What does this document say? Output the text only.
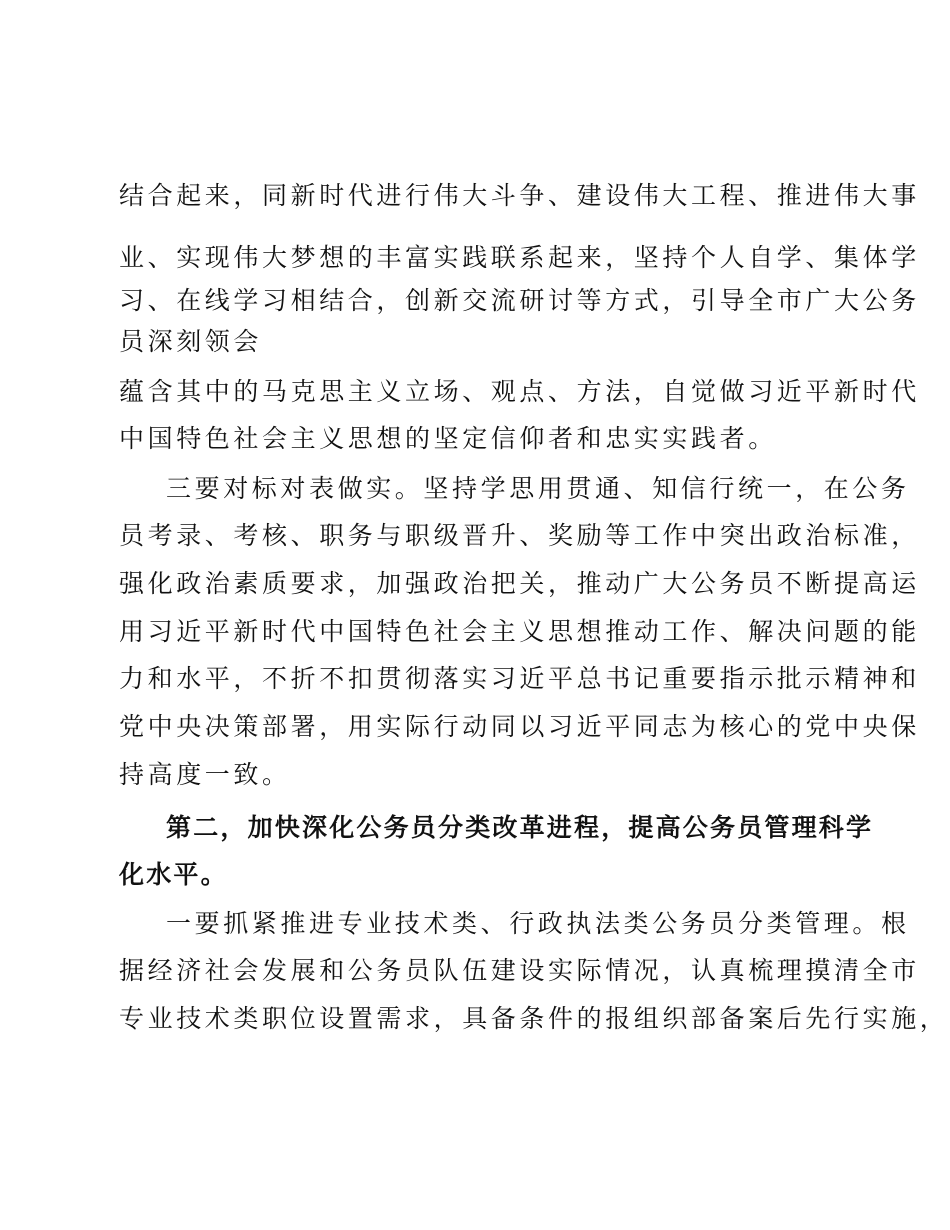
结合起来，同新时代进行伟大斗争、建设伟大工程、推进伟大事
业、实现伟大梦想的丰富实践联系起来，坚持个人自学、集体学
习、在线学习相结合，创新交流研讨等方式，引导全市广大公务
员深刻领会
蕴含其中的马克思主义立场、观点、方法，自觉做习近平新时代
中国特色社会主义思想的坚定信仰者和忠实实践者。
三要对标对表做实。坚持学思用贯通、知信行统一，在公务
员考录、考核、职务与职级晋升、奖励等工作中突出政治标准，
强化政治素质要求，加强政治把关，推动广大公务员不断提高运
用习近平新时代中国特色社会主义思想推动工作、解决问题的能
力和水平，不折不扣贯彻落实习近平总书记重要指示批示精神和
党中央决策部署，用实际行动同以习近平同志为核心的党中央保
持高度一致。
第二，加快深化公务员分类改革进程，提高公务员管理科学
化水平。
一要抓紧推进专业技术类、行政执法类公务员分类管理。根
据经济社会发展和公务员队伍建设实际情况，认真梳理摸清全市
专业技术类职位设置需求，具备条件的报组织部备案后先行实施，
